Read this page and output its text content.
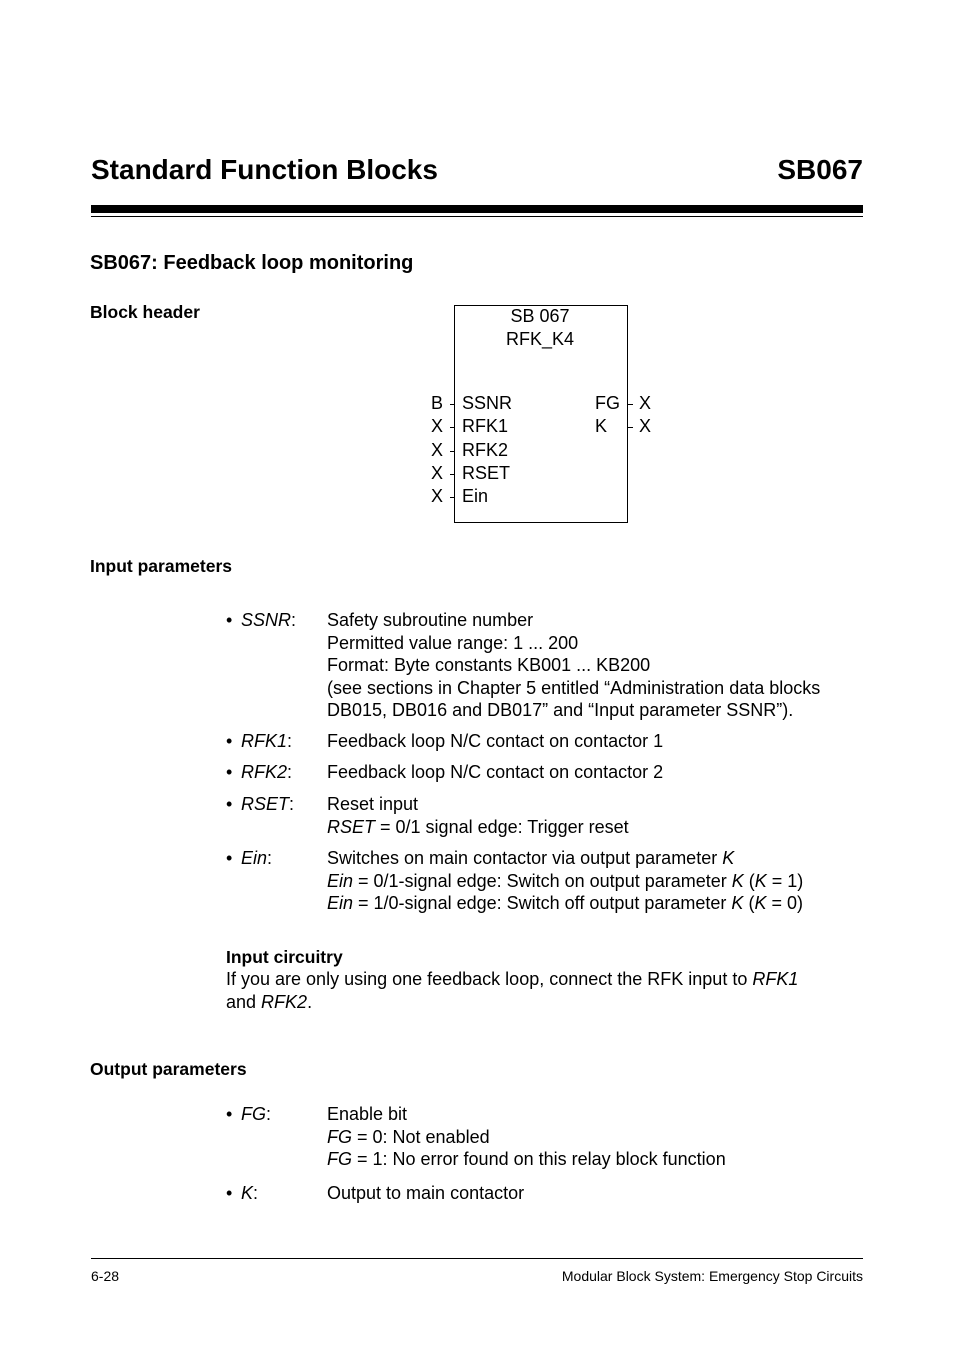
Standard Function Blocks	SB067
SB067: Feedback loop monitoring
Block header	SB 067
RFK_K4
B SSNR
X RFK1
X RFK2
X RSET
X Ein
FG X
K X
Input parameters
• SSNR: Safety subroutine number
Permitted value range: 1 ... 200
Format: Byte constants KB001 ... KB200
(see sections in Chapter 5 entitled “Administration data blocks
DB015, DB016 and DB017” and “Input parameter SSNR”).
• RFK1: Feedback loop N/C contact on contactor 1
• RFK2: Feedback loop N/C contact on contactor 2
• RSET: Reset input
RSET = 0/1 signal edge: Trigger reset
• Ein:	Switches on main contactor via output parameter K
Ein = 0/1-signal edge: Switch on output parameter K (K = 1)
Ein = 1/0-signal edge: Switch off output parameter K (K = 0)
Input circuitry
If you are only using one feedback loop, connect the RFK input to RFK1
and RFK2.
Output parameters
• FG:	Enable bit
FG = 0: Not enabled
FG = 1: No error found on this relay block function
• K:	Output to main contactor
6-28	Modular Block System: Emergency Stop Circuits
